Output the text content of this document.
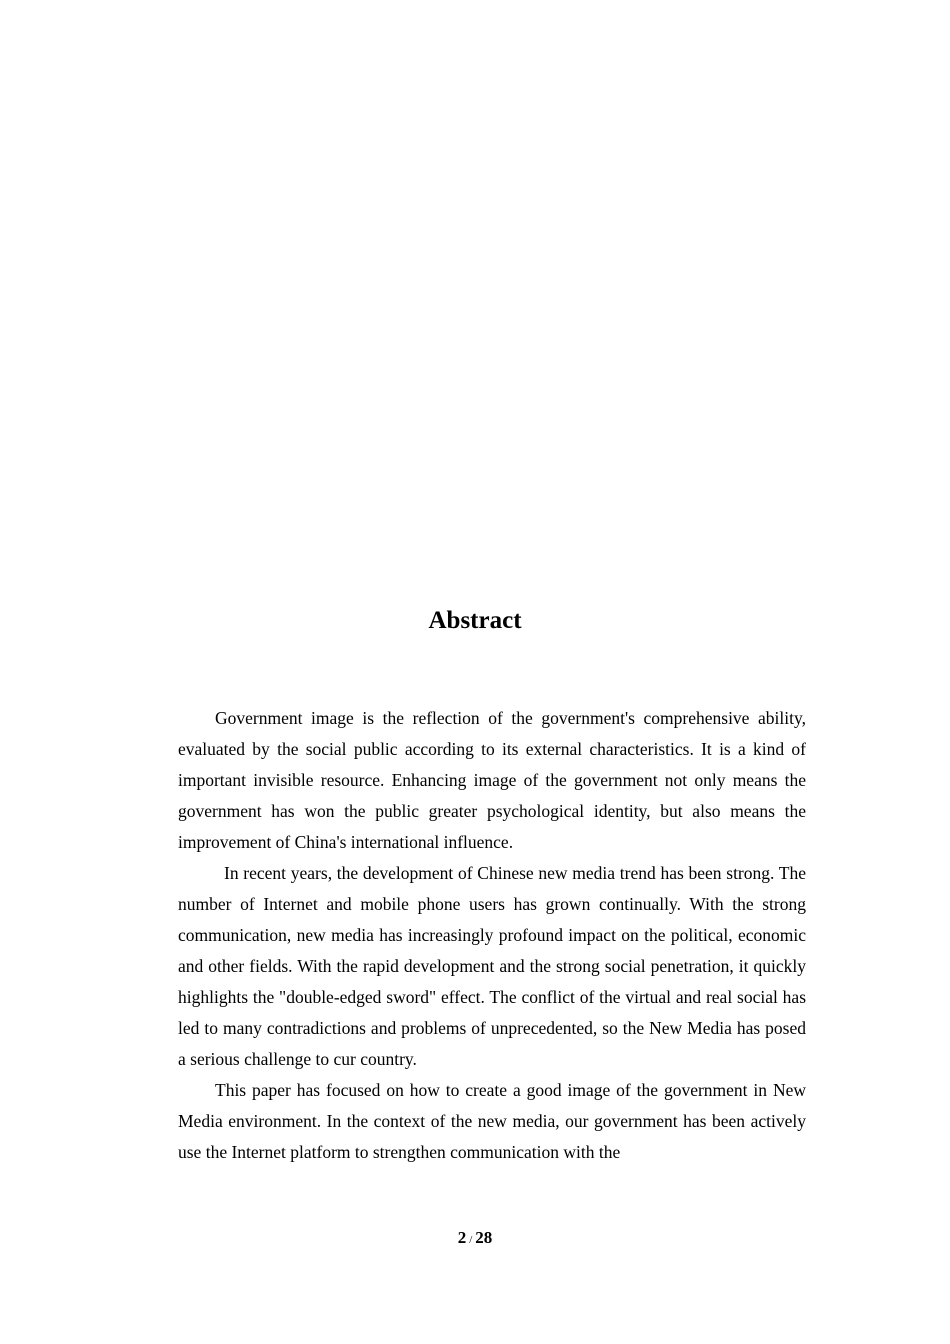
Abstract

Government image is the reflection of the government's comprehensive ability, evaluated by the social public according to its external characteristics. It is a kind of important invisible resource. Enhancing image of the government not only means the government has won the public greater psychological identity, but also means the improvement of China's international influence.

In recent years, the development of Chinese new media trend has been strong. The number of Internet and mobile phone users has grown continually. With the strong communication, new media has increasingly profound impact on the political, economic and other fields. With the rapid development and the strong social penetration, it quickly highlights the "double-edged sword" effect. The conflict of the virtual and real social has led to many contradictions and problems of unprecedented, so the New Media has posed a serious challenge to cur country.

This paper has focused on how to create a good image of the government in New Media environment. In the context of the new media, our government has been actively use the Internet platform to strengthen communication with the

2 / 28
